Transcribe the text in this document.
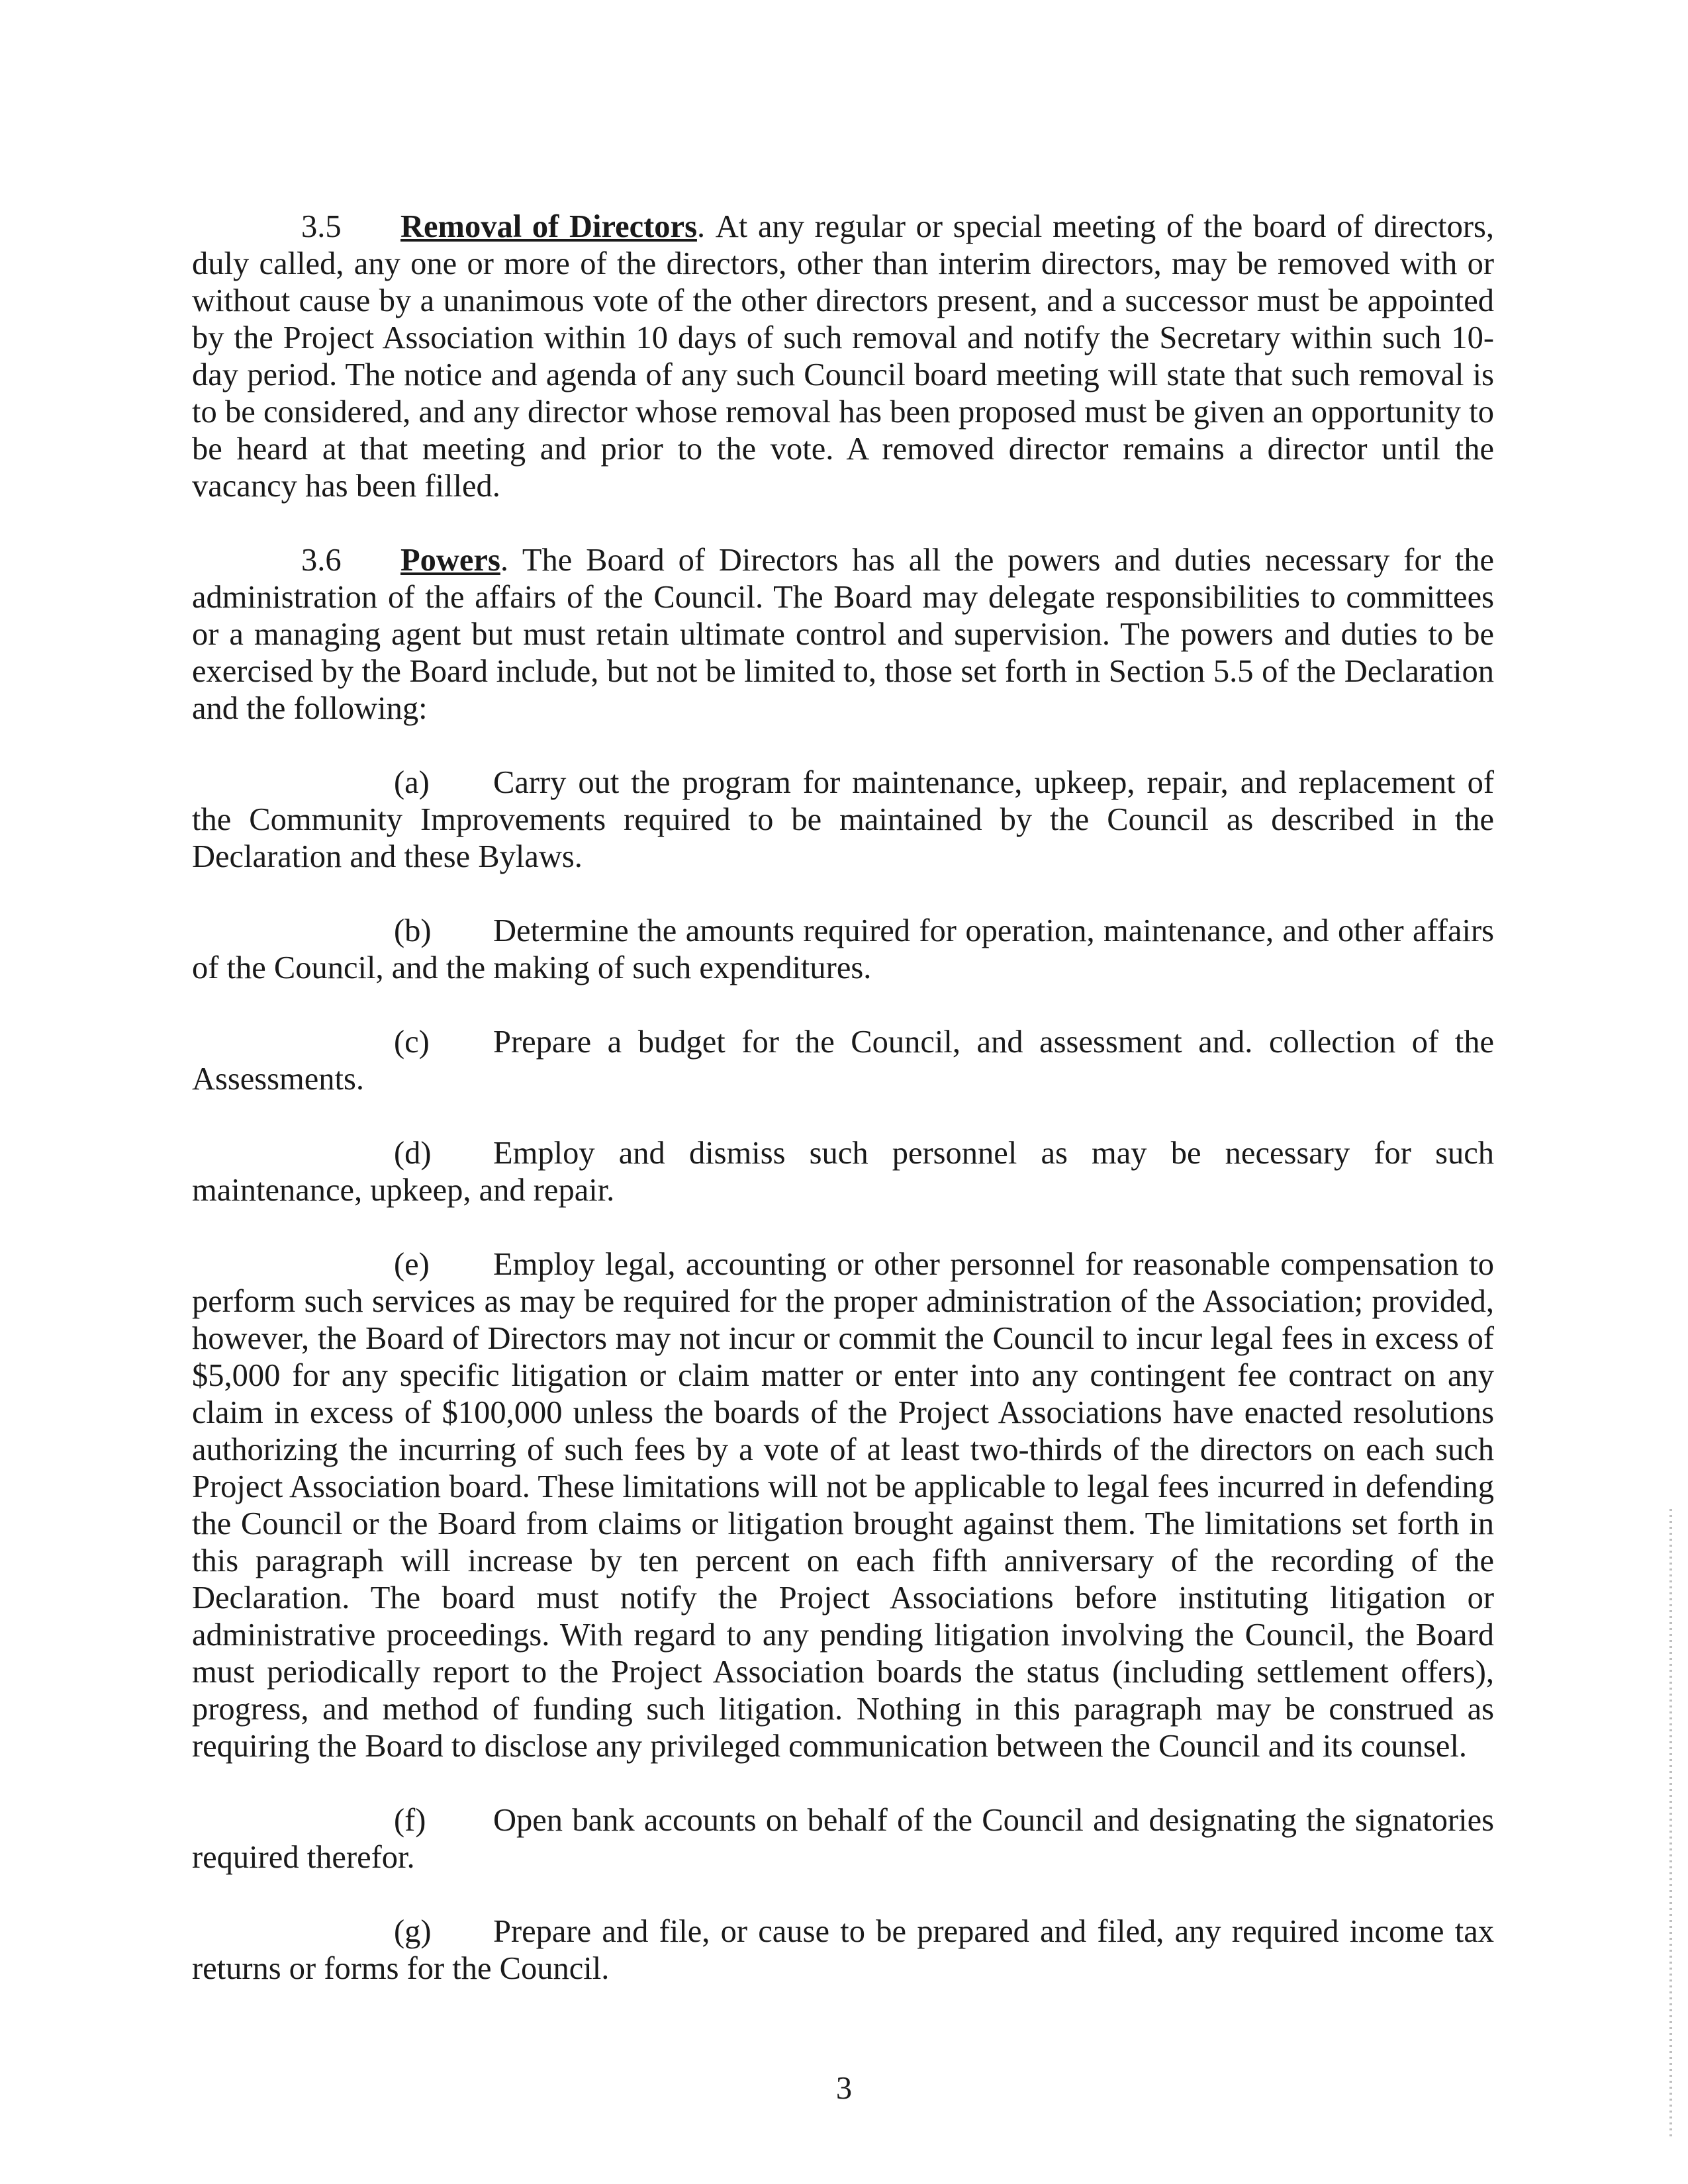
3.5 Removal of Directors. At any regular or special meeting of the board of directors, duly called, any one or more of the directors, other than interim directors, may be removed with or without cause by a unanimous vote of the other directors present, and a successor must be appointed by the Project Association within 10 days of such removal and notify the Secretary within such 10-day period. The notice and agenda of any such Council board meeting will state that such removal is to be considered, and any director whose removal has been proposed must be given an opportunity to be heard at that meeting and prior to the vote. A removed director remains a director until the vacancy has been filled.

3.6 Powers. The Board of Directors has all the powers and duties necessary for the administration of the affairs of the Council. The Board may delegate responsibilities to committees or a managing agent but must retain ultimate control and supervision. The powers and duties to be exercised by the Board include, but not be limited to, those set forth in Section 5.5 of the Declaration and the following:

(a) Carry out the program for maintenance, upkeep, repair, and replacement of the Community Improvements required to be maintained by the Council as described in the Declaration and these Bylaws.

(b) Determine the amounts required for operation, maintenance, and other affairs of the Council, and the making of such expenditures.

(c) Prepare a budget for the Council, and assessment and. collection of the Assessments.

(d) Employ and dismiss such personnel as may be necessary for such maintenance, upkeep, and repair.

(e) Employ legal, accounting or other personnel for reasonable compensation to perform such services as may be required for the proper administration of the Association; provided, however, the Board of Directors may not incur or commit the Council to incur legal fees in excess of $5,000 for any specific litigation or claim matter or enter into any contingent fee contract on any claim in excess of $100,000 unless the boards of the Project Associations have enacted resolutions authorizing the incurring of such fees by a vote of at least two-thirds of the directors on each such Project Association board. These limitations will not be applicable to legal fees incurred in defending the Council or the Board from claims or litigation brought against them. The limitations set forth in this paragraph will increase by ten percent on each fifth anniversary of the recording of the Declaration. The board must notify the Project Associations before instituting litigation or administrative proceedings. With regard to any pending litigation involving the Council, the Board must periodically report to the Project Association boards the status (including settlement offers), progress, and method of funding such litigation. Nothing in this paragraph may be construed as requiring the Board to disclose any privileged communication between the Council and its counsel.

(f) Open bank accounts on behalf of the Council and designating the signatories required therefor.

(g) Prepare and file, or cause to be prepared and filed, any required income tax returns or forms for the Council.

3
